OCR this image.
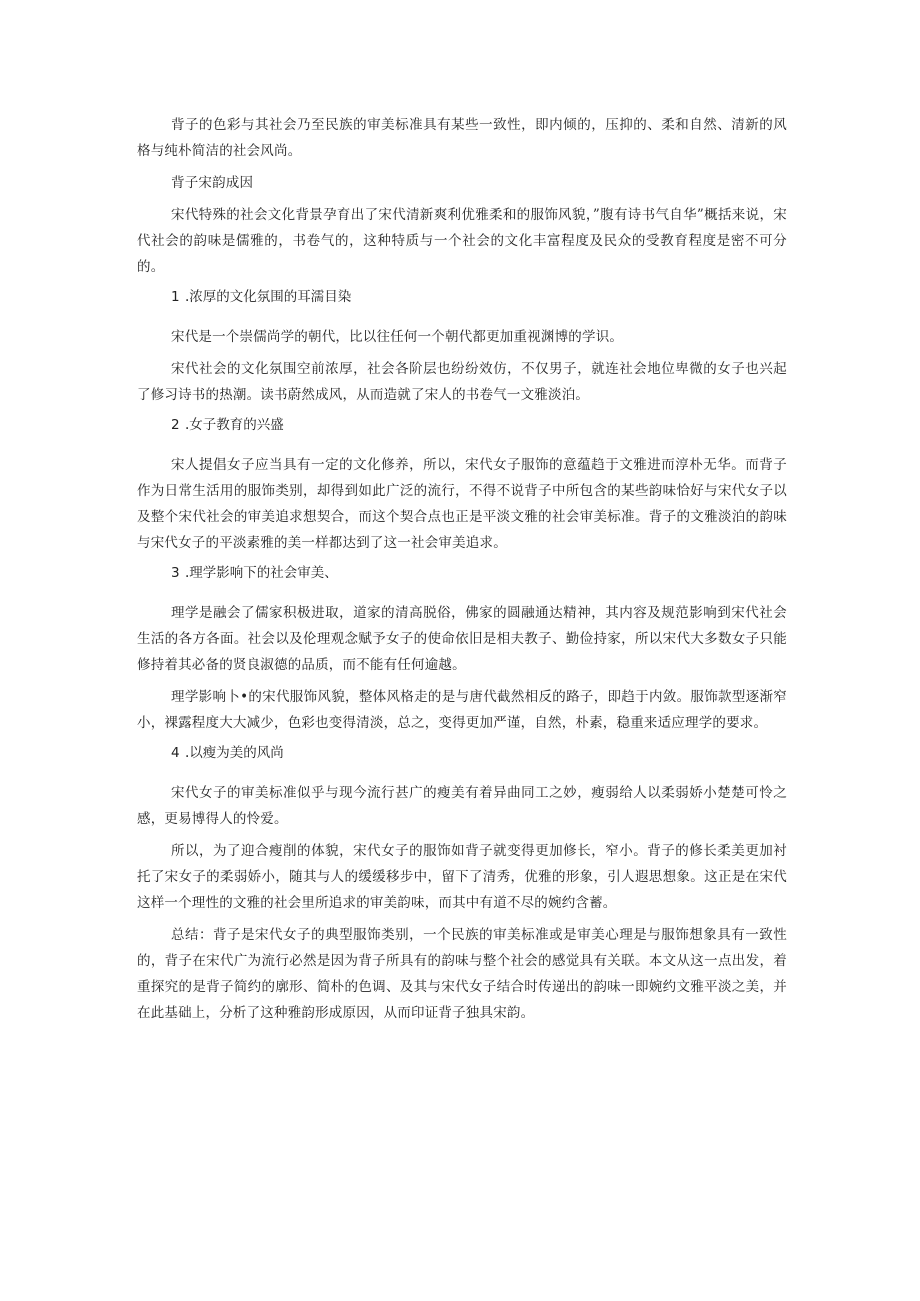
背子的色彩与其社会乃至民族的审美标准具有某些一致性，即内倾的，压抑的、柔和自然、清新的风格与纯朴简洁的社会风尚。

背子宋韵成因

宋代特殊的社会文化背景孕育出了宋代清新爽利优雅柔和的服饰风貌，”腹有诗书气自华”概括来说，宋代社会的韵味是儒雅的，书卷气的，这种特质与一个社会的文化丰富程度及民众的受教育程度是密不可分的。

1 .浓厚的文化氛围的耳濡目染

宋代是一个崇儒尚学的朝代，比以往任何一个朝代都更加重视渊博的学识。

宋代社会的文化氛围空前浓厚，社会各阶层也纷纷效仿，不仅男子，就连社会地位卑微的女子也兴起了修习诗书的热潮。读书蔚然成风，从而造就了宋人的书卷气一文雅淡泊。

2 .女子教育的兴盛

宋人提倡女子应当具有一定的文化修养，所以，宋代女子服饰的意蕴趋于文雅进而淳朴无华。而背子作为日常生活用的服饰类别，却得到如此广泛的流行，不得不说背子中所包含的某些韵味恰好与宋代女子以及整个宋代社会的审美追求想契合，而这个契合点也正是平淡文雅的社会审美标准。背子的文雅淡泊的韵味与宋代女子的平淡素雅的美一样都达到了这一社会审美追求。

3 .理学影响下的社会审美、

理学是融会了儒家积极进取，道家的清高脱俗，佛家的圆融通达精神，其内容及规范影响到宋代社会生活的各方各面。社会以及伦理观念赋予女子的使命依旧是相夫教子、勤俭持家，所以宋代大多数女子只能修持着其必备的贤良淑德的品质，而不能有任何逾越。

理学影响卜•的宋代服饰风貌，整体风格走的是与唐代截然相反的路子，即趋于内敛。服饰款型逐渐窄小，裸露程度大大减少，色彩也变得清淡，总之，变得更加严谨，自然，朴素，稳重来适应理学的要求。

4 .以瘦为美的风尚

宋代女子的审美标准似乎与现今流行甚广的瘦美有着异曲同工之妙，瘦弱给人以柔弱娇小楚楚可怜之感，更易博得人的怜爱。

所以，为了迎合瘦削的体貌，宋代女子的服饰如背子就变得更加修长，窄小。背子的修长柔美更加衬托了宋女子的柔弱娇小，随其与人的缓缓移步中，留下了清秀，优雅的形象，引人遐思想象。这正是在宋代这样一个理性的文雅的社会里所追求的审美韵味，而其中有道不尽的婉约含蓄。

总结：背子是宋代女子的典型服饰类别，一个民族的审美标准或是审美心理是与服饰想象具有一致性的，背子在宋代广为流行必然是因为背子所具有的韵味与整个社会的感觉具有关联。本文从这一点出发，着重探究的是背子简约的廓形、简朴的色调、及其与宋代女子结合时传递出的韵味一即婉约文雅平淡之美，并在此基础上，分析了这种雅韵形成原因，从而印证背子独具宋韵。
